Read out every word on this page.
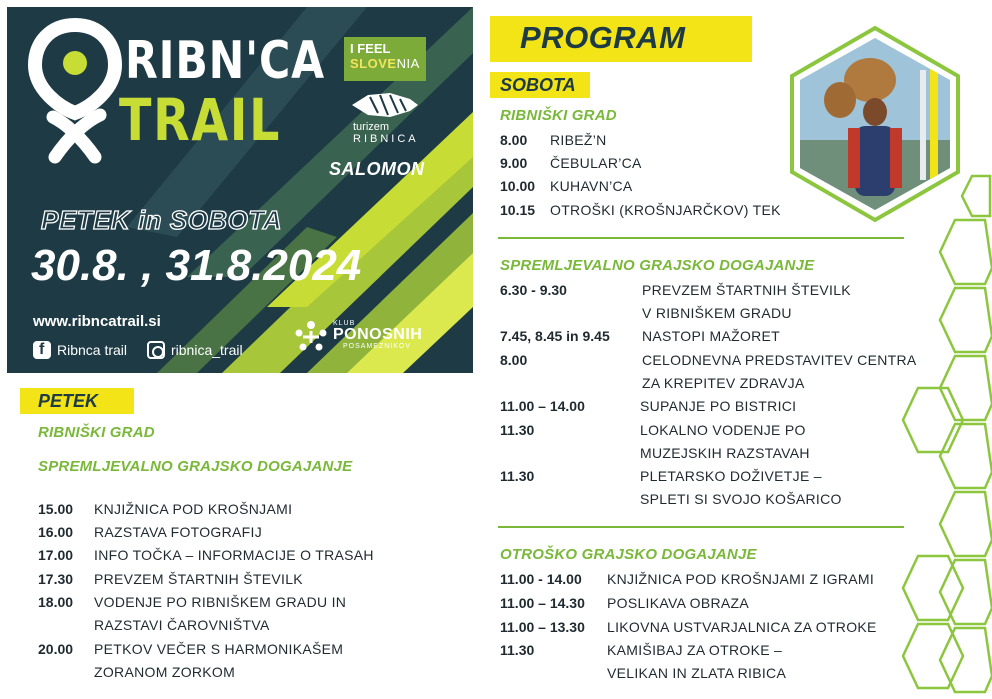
RIBN'CA
TRAIL
I FEEL
SLOVENIA
turizem
RIBNICA
SALOMON
PETEK in SOBOTA
30.8. , 31.8.2024
www.ribncatrail.si
f
Ribnca trail	ribnica_trail
KLUB
PONOSNIH
POSAMEZNIKOV
PROGRAM
SOBOTA
RIBNIŠKI GRAD
8.00 RIBEŽ’N
9.00 ČEBULAR’CA
10.00 KUHAVN’CA
10.15 OTROŠKI (KROŠNJARČKOV) TEK
SPREMLJEVALNO GRAJSKO DOGAJANJE
6.30 - 9.30	PREVZEM ŠTARTNIH ŠTEVILK
V RIBNIŠKEM GRADU
7.45, 8.45 in 9.45 NASTOPI MAŽORET
8.00	CELODNEVNA PREDSTAVITEV CENTRA
ZA KREPITEV ZDRAVJA
11.00 – 14.00	SUPANJE PO BISTRICI
11.30	LOKALNO VODENJE PO
MUZEJSKIH RAZSTAVAH
11.30	PLETARSKO DOŽIVETJE –
SPLETI SI SVOJO KOŠARICO
OTROŠKO GRAJSKO DOGAJANJE
11.00 - 14.00 KNJIŽNICA POD KROŠNJAMI Z IGRAMI
11.00 – 14.30 POSLIKAVA OBRAZA
11.00 – 13.30 LIKOVNA USTVARJALNICA ZA OTROKE
11.30	KAMIŠIBAJ ZA OTROKE –
VELIKAN IN ZLATA RIBICA
PETEK
RIBNIŠKI GRAD
SPREMLJEVALNO GRAJSKO DOGAJANJE
15.00 KNJIŽNICA POD KROŠNJAMI
16.00 RAZSTAVA FOTOGRAFIJ
17.00 INFO TOČKA – INFORMACIJE O TRASAH
17.30 PREVZEM ŠTARTNIH ŠTEVILK
18.00 VODENJE PO RIBNIŠKEM GRADU IN
RAZSTAVI ČAROVNIŠTVA
20.00 PETKOV VEČER S HARMONIKAŠEM
ZORANOM ZORKOM
